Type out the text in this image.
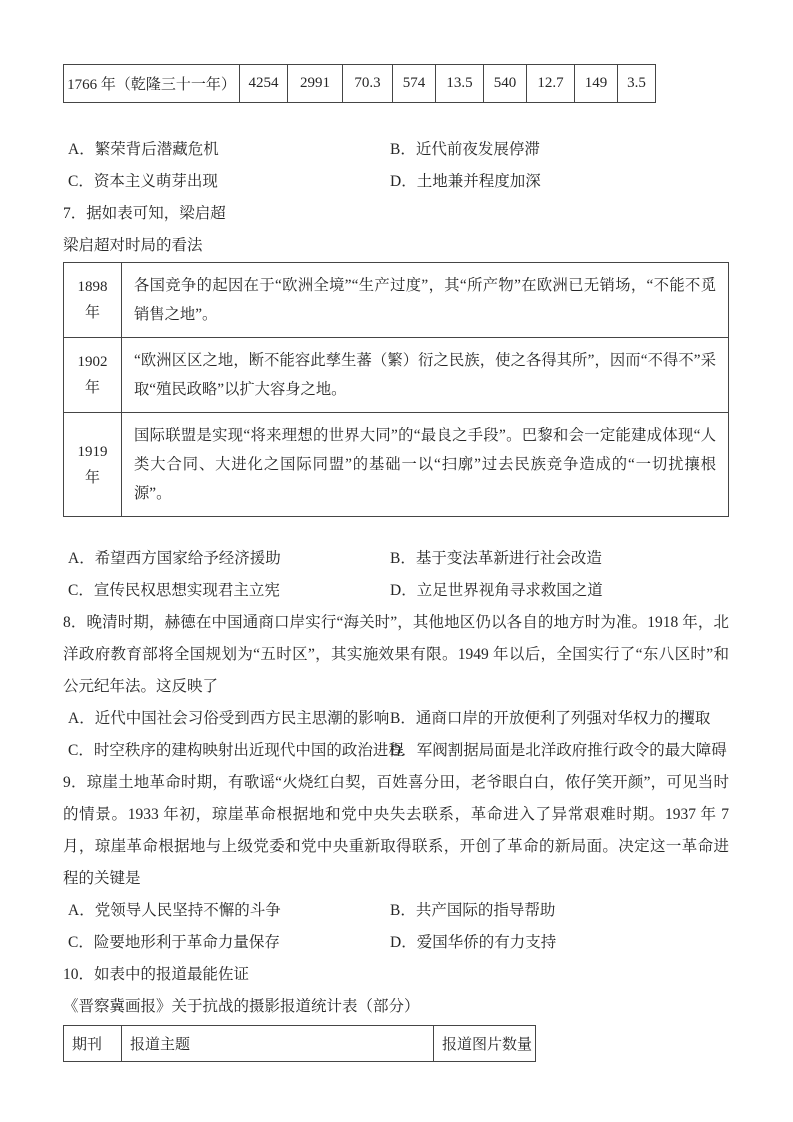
1766 年（乾隆三十一年）	4254	2991	70.3	574	13.5	540	12.7	149	3.5
A．繁荣背后潜藏危机	B．近代前夜发展停滞
C．资本主义萌芽出现	D．土地兼并程度加深

7．据如表可知，梁启超

梁启超对时局的看法

1898 年	各国竞争的起因在于“欧洲全境”“生产过度”，其“所产物”在欧洲已无销场，“不能不觅销售之地”。
1902 年	“欧洲区区之地，断不能容此孳生蕃（繁）衍之民族，使之各得其所”，因而“不得不”采取“殖民政略”以扩大容身之地。
1919 年	国际联盟是实现“将来理想的世界大同”的“最良之手段”。巴黎和会一定能建成体现“人类大合同、大进化之国际同盟”的基础一以“扫廓”过去民族竞争造成的“一切扰攘根源”。
A．希望西方国家给予经济援助	B．基于变法革新进行社会改造
C．宣传民权思想实现君主立宪	D．立足世界视角寻求救国之道

8．晚清时期，赫德在中国通商口岸实行“海关时”，其他地区仍以各自的地方时为准。1918 年，北洋政府教育部将全国规划为“五时区”，其实施效果有限。1949 年以后，全国实行了“东八区时”和公元纪年法。这反映了

A．近代中国社会习俗受到西方民主思潮的影响 B．通商口岸的开放便利了列强对华权力的攫取
C．时空秩序的建构映射出近现代中国的政治进程
D．军阀割据局面是北洋政府推行政令的最大障碍

9．琼崖土地革命时期，有歌谣“火烧红白契，百姓喜分田，老爷眼白白，侬仔笑开颜”，可见当时的情景。1933 年初，琼崖革命根据地和党中央失去联系，革命进入了异常艰难时期。1937 年 7 月，琼崖革命根据地与上级党委和党中央重新取得联系，开创了革命的新局面。决定这一革命进程的关键是

A．党领导人民坚持不懈的斗争	B．共产国际的指导帮助
C．险要地形利于革命力量保存	D．爱国华侨的有力支持

10．如表中的报道最能佐证

《晋察冀画报》关于抗战的摄影报道统计表（部分）

期刊	报道主题	报道图片数量
